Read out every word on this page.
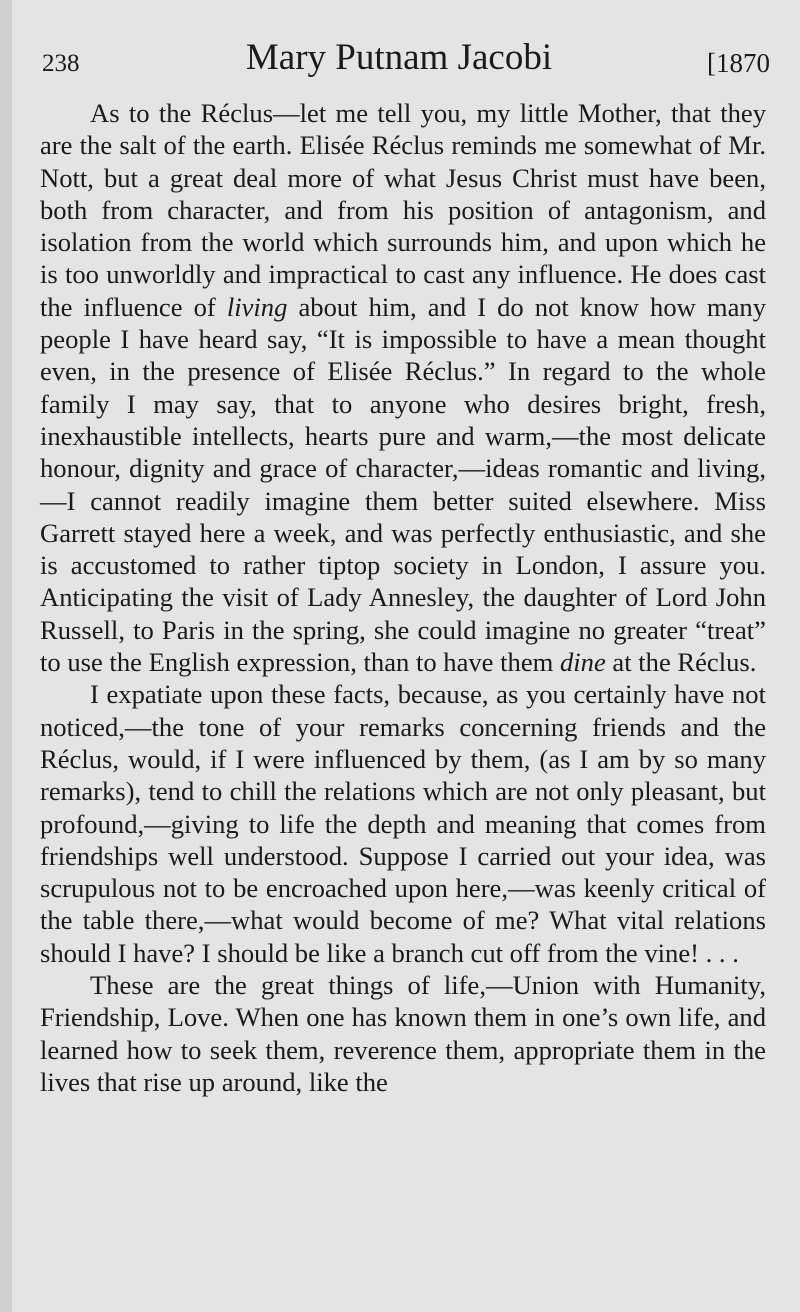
238	Mary Putnam Jacobi	[1870

As to the Réclus—let me tell you, my little Mother, that they are the salt of the earth. Elisée Réclus reminds me somewhat of Mr. Nott, but a great deal more of what Jesus Christ must have been, both from character, and from his position of antagonism, and isolation from the world which surrounds him, and upon which he is too unworldly and impractical to cast any influence. He does cast the influence of living about him, and I do not know how many people I have heard say, “It is impossible to have a mean thought even, in the presence of Elisée Réclus.” In regard to the whole family I may say, that to anyone who desires bright, fresh, inexhaustible intellects, hearts pure and warm,—the most delicate honour, dignity and grace of character,—ideas romantic and living,—I cannot readily imagine them better suited elsewhere. Miss Garrett stayed here a week, and was perfectly enthusiastic, and she is accustomed to rather tiptop society in London, I assure you. Anticipating the visit of Lady Annesley, the daughter of Lord John Russell, to Paris in the spring, she could imagine no greater “treat” to use the English expression, than to have them dine at the Réclus.

I expatiate upon these facts, because, as you certainly have not noticed,—the tone of your remarks concerning friends and the Réclus, would, if I were influenced by them, (as I am by so many remarks), tend to chill the relations which are not only pleasant, but profound,—giving to life the depth and meaning that comes from friendships well understood. Suppose I carried out your idea, was scrupulous not to be encroached upon here,—was keenly critical of the table there,—what would become of me? What vital relations should I have? I should be like a branch cut off from the vine! . . .

These are the great things of life,—Union with Humanity, Friendship, Love. When one has known them in one’s own life, and learned how to seek them, reverence them, appropriate them in the lives that rise up around, like the
